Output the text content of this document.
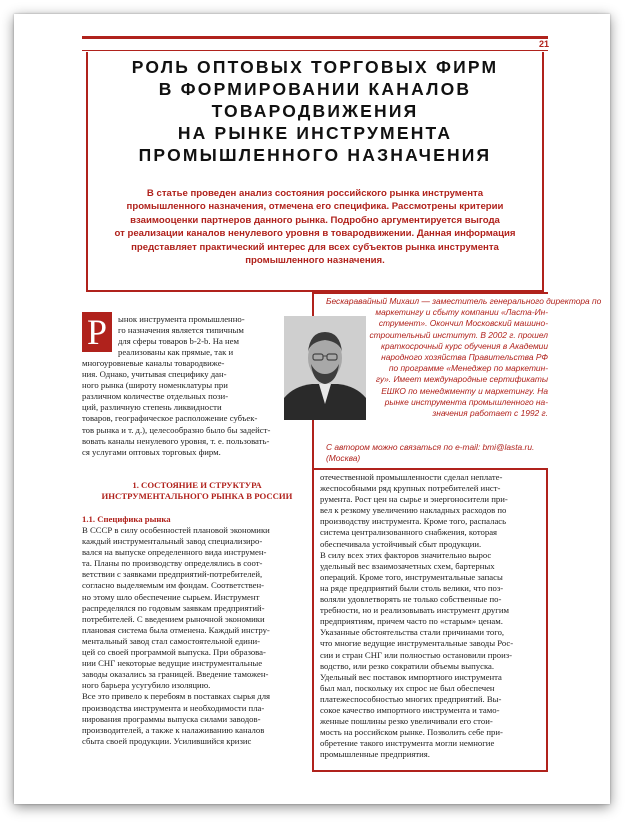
21
РОЛЬ ОПТОВЫХ ТОРГОВЫХ ФИРМ
В ФОРМИРОВАНИИ КАНАЛОВ
ТОВАРОДВИЖЕНИЯ
НА РЫНКЕ ИНСТРУМЕНТА
ПРОМЫШЛЕННОГО НАЗНАЧЕНИЯ
В статье проведен анализ состояния российского рынка инструмента
промышленного назначения, отмечена его специфика. Рассмотрены критерии
взаимооценки партнеров данного рынка. Подробно аргументируется выгода
от реализации каналов ненулевого уровня в товародвижении. Данная информация
представляет практический интерес для всех субъектов рынка инструмента
промышленного назначения.
Бескаравайный Михаил — заместитель генерального директора по
маркетингу и сбыту компании «Ласта-Ин-
струмент». Окончил Московский машино-
строительный институт. В 2002 г. прошел
краткосрочный курс обучения в Академии
народного хозяйства Правительства РФ
по программе «Менеджер по маркетин-
гу». Имеет международные сертификаты
ЕШКО по менеджменту и маркетингу. На
рынке инструмента промышленного на-
значения работает с 1992 г.
С автором можно связаться по e-mail: bmi@lasta.ru.
(Москва)
Р	ынок инструмента промышленно-
го назначения является типичным
для сферы товаров b-2-b. На нем
реализованы как прямые, так и
многоуровневые каналы товародвиже-
ния. Однако, учитывая специфику дан-
ного рынка (широту номенклатуры при
различном количестве отдельных пози-
ций, различную степень ликвидности
товаров, географическое расположение субъек-
тов рынка и т. д.), целесообразно было бы задейст-
вовать каналы ненулевого уровня, т. е. пользовать-
ся услугами оптовых торговых фирм.
1. СОСТОЯНИЕ И СТРУКТУРА
ИНСТРУМЕНТАЛЬНОГО РЫНКА В РОССИИ
1.1. Специфика рынка
В СССР в силу особенностей плановой экономики
каждый инструментальный завод специализиро-
вался на выпуске определенного вида инструмен-
та. Планы по производству определялись в соот-
ветствии с заявками предприятий-потребителей,
согласно выделяемым им фондам. Соответствен-
но этому шло обеспечение сырьем. Инструмент
распределялся по годовым заявкам предприятий-
потребителей. С введением рыночной экономики
плановая система была отменена. Каждый инстру-
ментальный завод стал самостоятельной едини-
цей со своей программой выпуска. При образова-
нии СНГ некоторые ведущие инструментальные
заводы оказались за границей. Введение таможен-
ного барьера усугубило изоляцию.
Все это привело к перебоям в поставках сырья для
производства инструмента и необходимости пла-
нирования программы выпуска силами заводов-
производителей, а также к налаживанию каналов
сбыта своей продукции. Усилившийся кризис
отечественной промышленности сделал неплате-
жеспособными ряд крупных потребителей инст-
румента. Рост цен на сырье и энергоносители при-
вел к резкому увеличению накладных расходов по
производству инструмента. Кроме того, распалась
система централизованного снабжения, которая
обеспечивала устойчивый сбыт продукции.
В силу всех этих факторов значительно вырос
удельный вес взаимозачетных схем, бартерных
операций. Кроме того, инструментальные запасы
на ряде предприятий были столь велики, что поз-
воляли удовлетворять не только собственные по-
требности, но и реализовывать инструмент другим
предприятиям, причем часто по «старым» ценам.
Указанные обстоятельства стали причинами того,
что многие ведущие инструментальные заводы Рос-
сии и стран СНГ или полностью остановили произ-
водство, или резко сократили объемы выпуска.
Удельный вес поставок импортного инструмента
был мал, поскольку их спрос не был обеспечен
платежеспособностью многих предприятий. Вы-
сокое качество импортного инструмента и тамо-
женные пошлины резко увеличивали его стои-
мость на российском рынке. Позволить себе при-
обретение такого инструмента могли немногие
промышленные предприятия.
